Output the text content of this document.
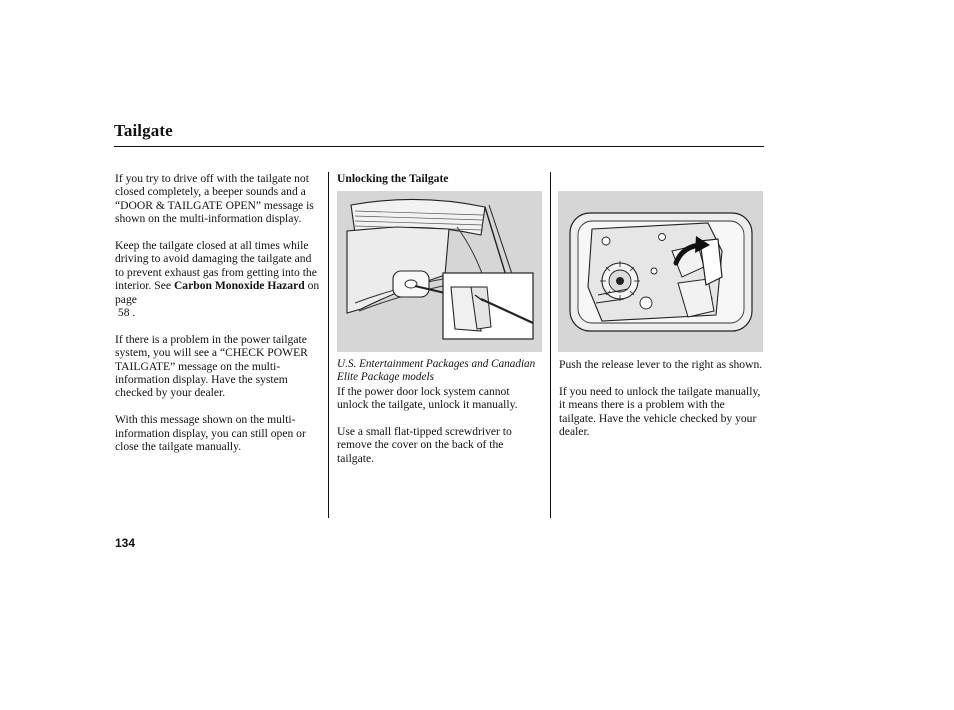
Tailgate

If you try to drive off with the tailgate not closed completely, a beeper sounds and a “DOOR & TAILGATE OPEN” message is shown on the multi-information display.

Keep the tailgate closed at all times while driving to avoid damaging the tailgate and to prevent exhaust gas from getting into the interior. See Carbon Monoxide Hazard on page
58 .

If there is a problem in the power tailgate system, you will see a “CHECK POWER TAILGATE” message on the multi-information display. Have the system checked by your dealer.

With this message shown on the multi-information display, you can still open or close the tailgate manually.

Unlocking the Tailgate
U.S. Entertainment Packages and Canadian Elite Package models

If the power door lock system cannot unlock the tailgate, unlock it manually.

Use a small flat-tipped screwdriver to remove the cover on the back of the tailgate.

Push the release lever to the right as shown.

If you need to unlock the tailgate manually, it means there is a problem with the tailgate. Have the vehicle checked by your dealer.

134
